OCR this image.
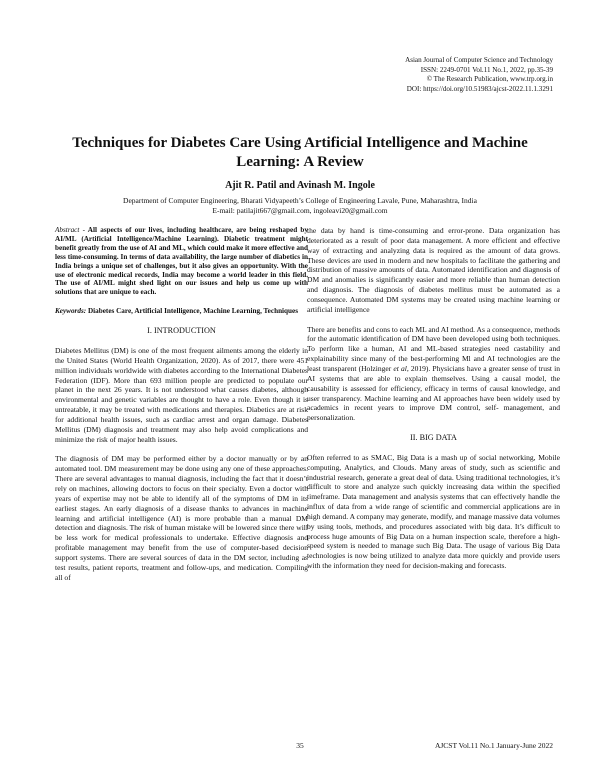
Asian Journal of Computer Science and Technology
ISSN: 2249-0701 Vol.11 No.1, 2022, pp.35-39
© The Research Publication, www.trp.org.in
DOI: https://doi.org/10.51983/ajcst-2022.11.1.3291
Techniques for Diabetes Care Using Artificial Intelligence and Machine Learning: A Review
Ajit R. Patil and Avinash M. Ingole
Department of Computer Engineering, Bharati Vidyapeeth’s College of Engineering Lavale, Pune, Maharashtra, India
E-mail: patilajit667@gmail.com, ingoleavi20@gmail.com

Abstract - All aspects of our lives, including healthcare, are being reshaped by AI/ML (Artificial Intelligence/Machine Learning). Diabetic treatment might benefit greatly from the use of AI and ML, which could make it more effective and less time-consuming. In terms of data availability, the large number of diabetics in India brings a unique set of challenges, but it also gives an opportunity. With the use of electronic medical records, India may become a world leader in this field. The use of AI/ML might shed light on our issues and help us come up with solutions that are unique to each.

Keywords: Diabetes Care, Artificial Intelligence, Machine Learning, Techniques

I. INTRODUCTION

Diabetes Mellitus (DM) is one of the most frequent ailments among the elderly in the United States (World Health Organization, 2020). As of 2017, there were 451 million individuals worldwide with diabetes according to the International Diabetes Federation (IDF). More than 693 million people are predicted to populate our planet in the next 26 years. It is not understood what causes diabetes, although environmental and genetic variables are thought to have a role. Even though it is untreatable, it may be treated with medications and therapies. Diabetics are at risk for additional health issues, such as cardiac arrest and organ damage. Diabetes Mellitus (DM) diagnosis and treatment may also help avoid complications and minimize the risk of major health issues.

The diagnosis of DM may be performed either by a doctor manually or by an automated tool. DM measurement may be done using any one of these approaches. There are several advantages to manual diagnosis, including the fact that it doesn’t rely on machines, allowing doctors to focus on their specialty. Even a doctor with years of expertise may not be able to identify all of the symptoms of DM in its earliest stages. An early diagnosis of a disease thanks to advances in machine learning and artificial intelligence (AI) is more probable than a manual DM detection and diagnosis. The risk of human mistake will be lowered since there will be less work for medical professionals to undertake. Effective diagnosis and profitable management may benefit from the use of computer-based decision support systems. There are several sources of data in the DM sector, including as test results, patient reports, treatment and follow-ups, and medication. Compiling all of

the data by hand is time-consuming and error-prone. Data organization has deteriorated as a result of poor data management. A more efficient and effective way of extracting and analyzing data is required as the amount of data grows. These devices are used in modern and new hospitals to facilitate the gathering and distribution of massive amounts of data. Automated identification and diagnosis of DM and anomalies is significantly easier and more reliable than human detection and diagnosis. The diagnosis of diabetes mellitus must be automated as a consequence. Automated DM systems may be created using machine learning or artificial intelligence

There are benefits and cons to each ML and AI method. As a consequence, methods for the automatic identification of DM have been developed using both techniques. To perform like a human, AI and ML-based strategies need castability and explainability since many of the best-performing Ml and AI technologies are the least transparent (Holzinger et al, 2019). Physicians have a greater sense of trust in AI systems that are able to explain themselves. Using a causal model, the causability is assessed for efficiency, efficacy in terms of causal knowledge, and user transparency. Machine learning and AI approaches have been widely used by academics in recent years to improve DM control, self- management, and personalization.

II. BIG DATA

Often referred to as SMAC, Big Data is a mash up of social networking, Mobile computing, Analytics, and Clouds. Many areas of study, such as scientific and industrial research, generate a great deal of data. Using traditional technologies, it’s difficult to store and analyze such quickly increasing data within the specified timeframe. Data management and analysis systems that can effectively handle the influx of data from a wide range of scientific and commercial applications are in high demand. A company may generate, modify, and manage massive data volumes by using tools, methods, and procedures associated with big data. It’s difficult to process huge amounts of Big Data on a human inspection scale, therefore a high-speed system is needed to manage such Big Data. The usage of various Big Data technologies is now being utilized to analyze data more quickly and provide users with the information they need for decision-making and forecasts.

35	AJCST Vol.11 No.1 January-June 2022
